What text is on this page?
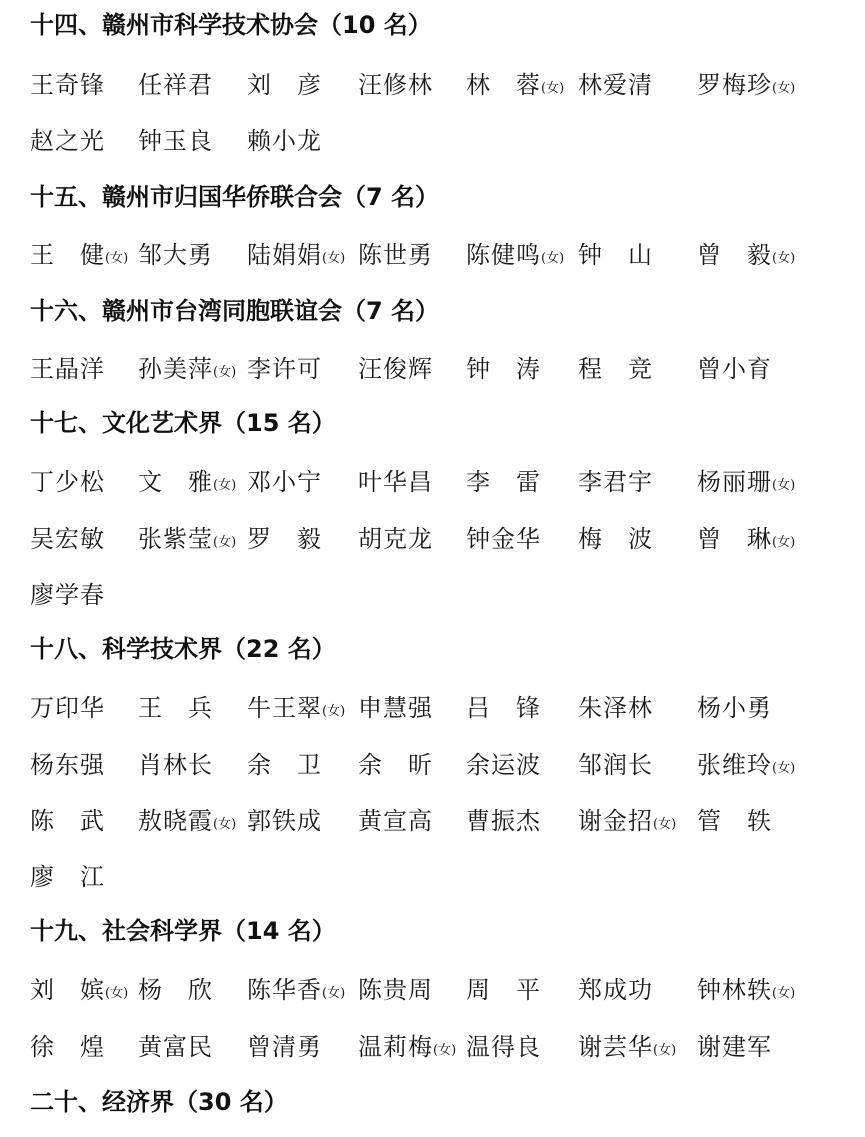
十四、赣州市科学技术协会（10 名）
王奇锋 任祥君 刘　彦 汪修林 林　蓉(女) 林爱清 罗梅珍(女)
赵之光 钟玉良 赖小龙
十五、赣州市归国华侨联合会（7 名）
王　健(女) 邹大勇 陆娟娟(女) 陈世勇 陈健鸣(女) 钟　山 曾　毅(女)
十六、赣州市台湾同胞联谊会（7 名）
王晶洋 孙美萍(女) 李许可 汪俊辉 钟　涛 程　竞 曾小育
十七、文化艺术界（15 名）
丁少松 文　雅(女) 邓小宁 叶华昌 李　雷 李君宇 杨丽珊(女)
吴宏敏 张紫莹(女) 罗　毅 胡克龙 钟金华 梅　波 曾　琳(女)
廖学春
十八、科学技术界（22 名）
万印华 王　兵 牛王翠(女) 申慧强 吕　锋 朱泽林 杨小勇
杨东强 肖林长 余　卫 余　昕 余运波 邹润长 张维玲(女)
陈　武 敖晓霞(女) 郭铁成 黄宣高 曹振杰 谢金招(女) 管　轶
廖　江
十九、社会科学界（14 名）
刘　嫔(女) 杨　欣 陈华香(女) 陈贵周 周　平 郑成功 钟林轶(女)
徐　煌 黄富民 曾清勇 温莉梅(女) 温得良 谢芸华(女) 谢建军
二十、经济界（30 名）
